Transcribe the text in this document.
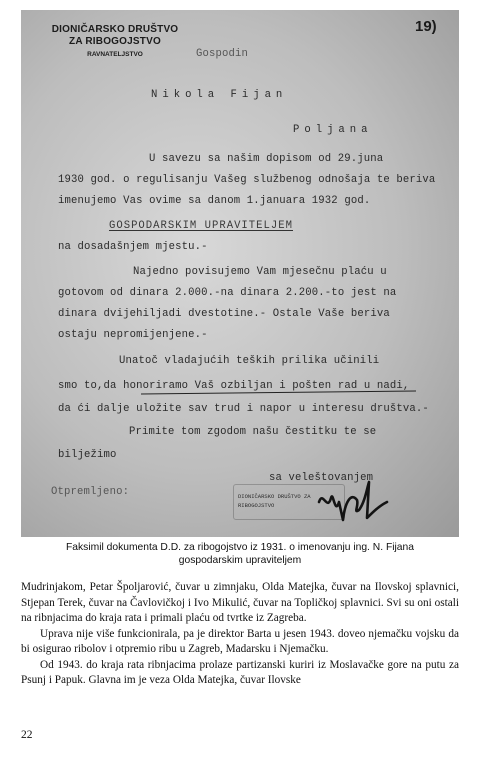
DIONIČARSKO DRUŠTVO
ZA RIBOGOJSTVO
RAVNATELJSTVO
19)
Gospodin
Nikola Fijan
Poljana
U savezu sa našim dopisom od 29.juna
1930 god. o regulisanju Vašeg službenog odnošaja te beriva
imenujemo Vas ovime sa danom 1.januara 1932 god.
GOSPODARSKIM UPRAVITELJEM
na dosadašnjem mjestu.-
Najedno povisujemo Vam mjesečnu plaću u
gotovom od dinara 2.000.-na dinara 2.200.-to jest na
dinara dvijehiljadi dvestotine.- Ostale Vaše beriva
ostaju nepromijenjene.-
Unatoč vladajućih teških prilika učinili
smo to,da honoriramo Vaš ozbiljan i pošten rad u nadi,
da ći dalje uložite sav trud i napor u interesu društva.-
Primite tom zgodom našu čestitku te se
bilježimo
sa veleštovanjem
DIONIČARSKO DRUŠTVO ZA
RIBOGOJSTVO
Otpremljeno:
Faksimil dokumenta D.D. za ribogojstvo iz 1931. o imenovanju ing. N. Fijana
gospodarskim upraviteljem

Mudrinjakom, Petar Špoljarović, čuvar u zimnjaku, Olda Matejka, čuvar na Ilovskoj splavnici, Stjepan Terek, čuvar na Čavlovičkoj i Ivo Mikulić, čuvar na Topličkoj splavnici. Svi su oni ostali na ribnjacima do kraja rata i primali plaću od tvrtke iz Zagreba.

Uprava nije više funkcionirala, pa je direktor Barta u jesen 1943. doveo njemačku vojsku da bi osigurao ribolov i otpremio ribu u Zagreb, Madarsku i Njemačku.

Od 1943. do kraja rata ribnjacima prolaze partizanski kuriri iz Moslavačke gore na putu za Psunj i Papuk. Glavna im je veza Olda Matejka, čuvar Ilovske

22
